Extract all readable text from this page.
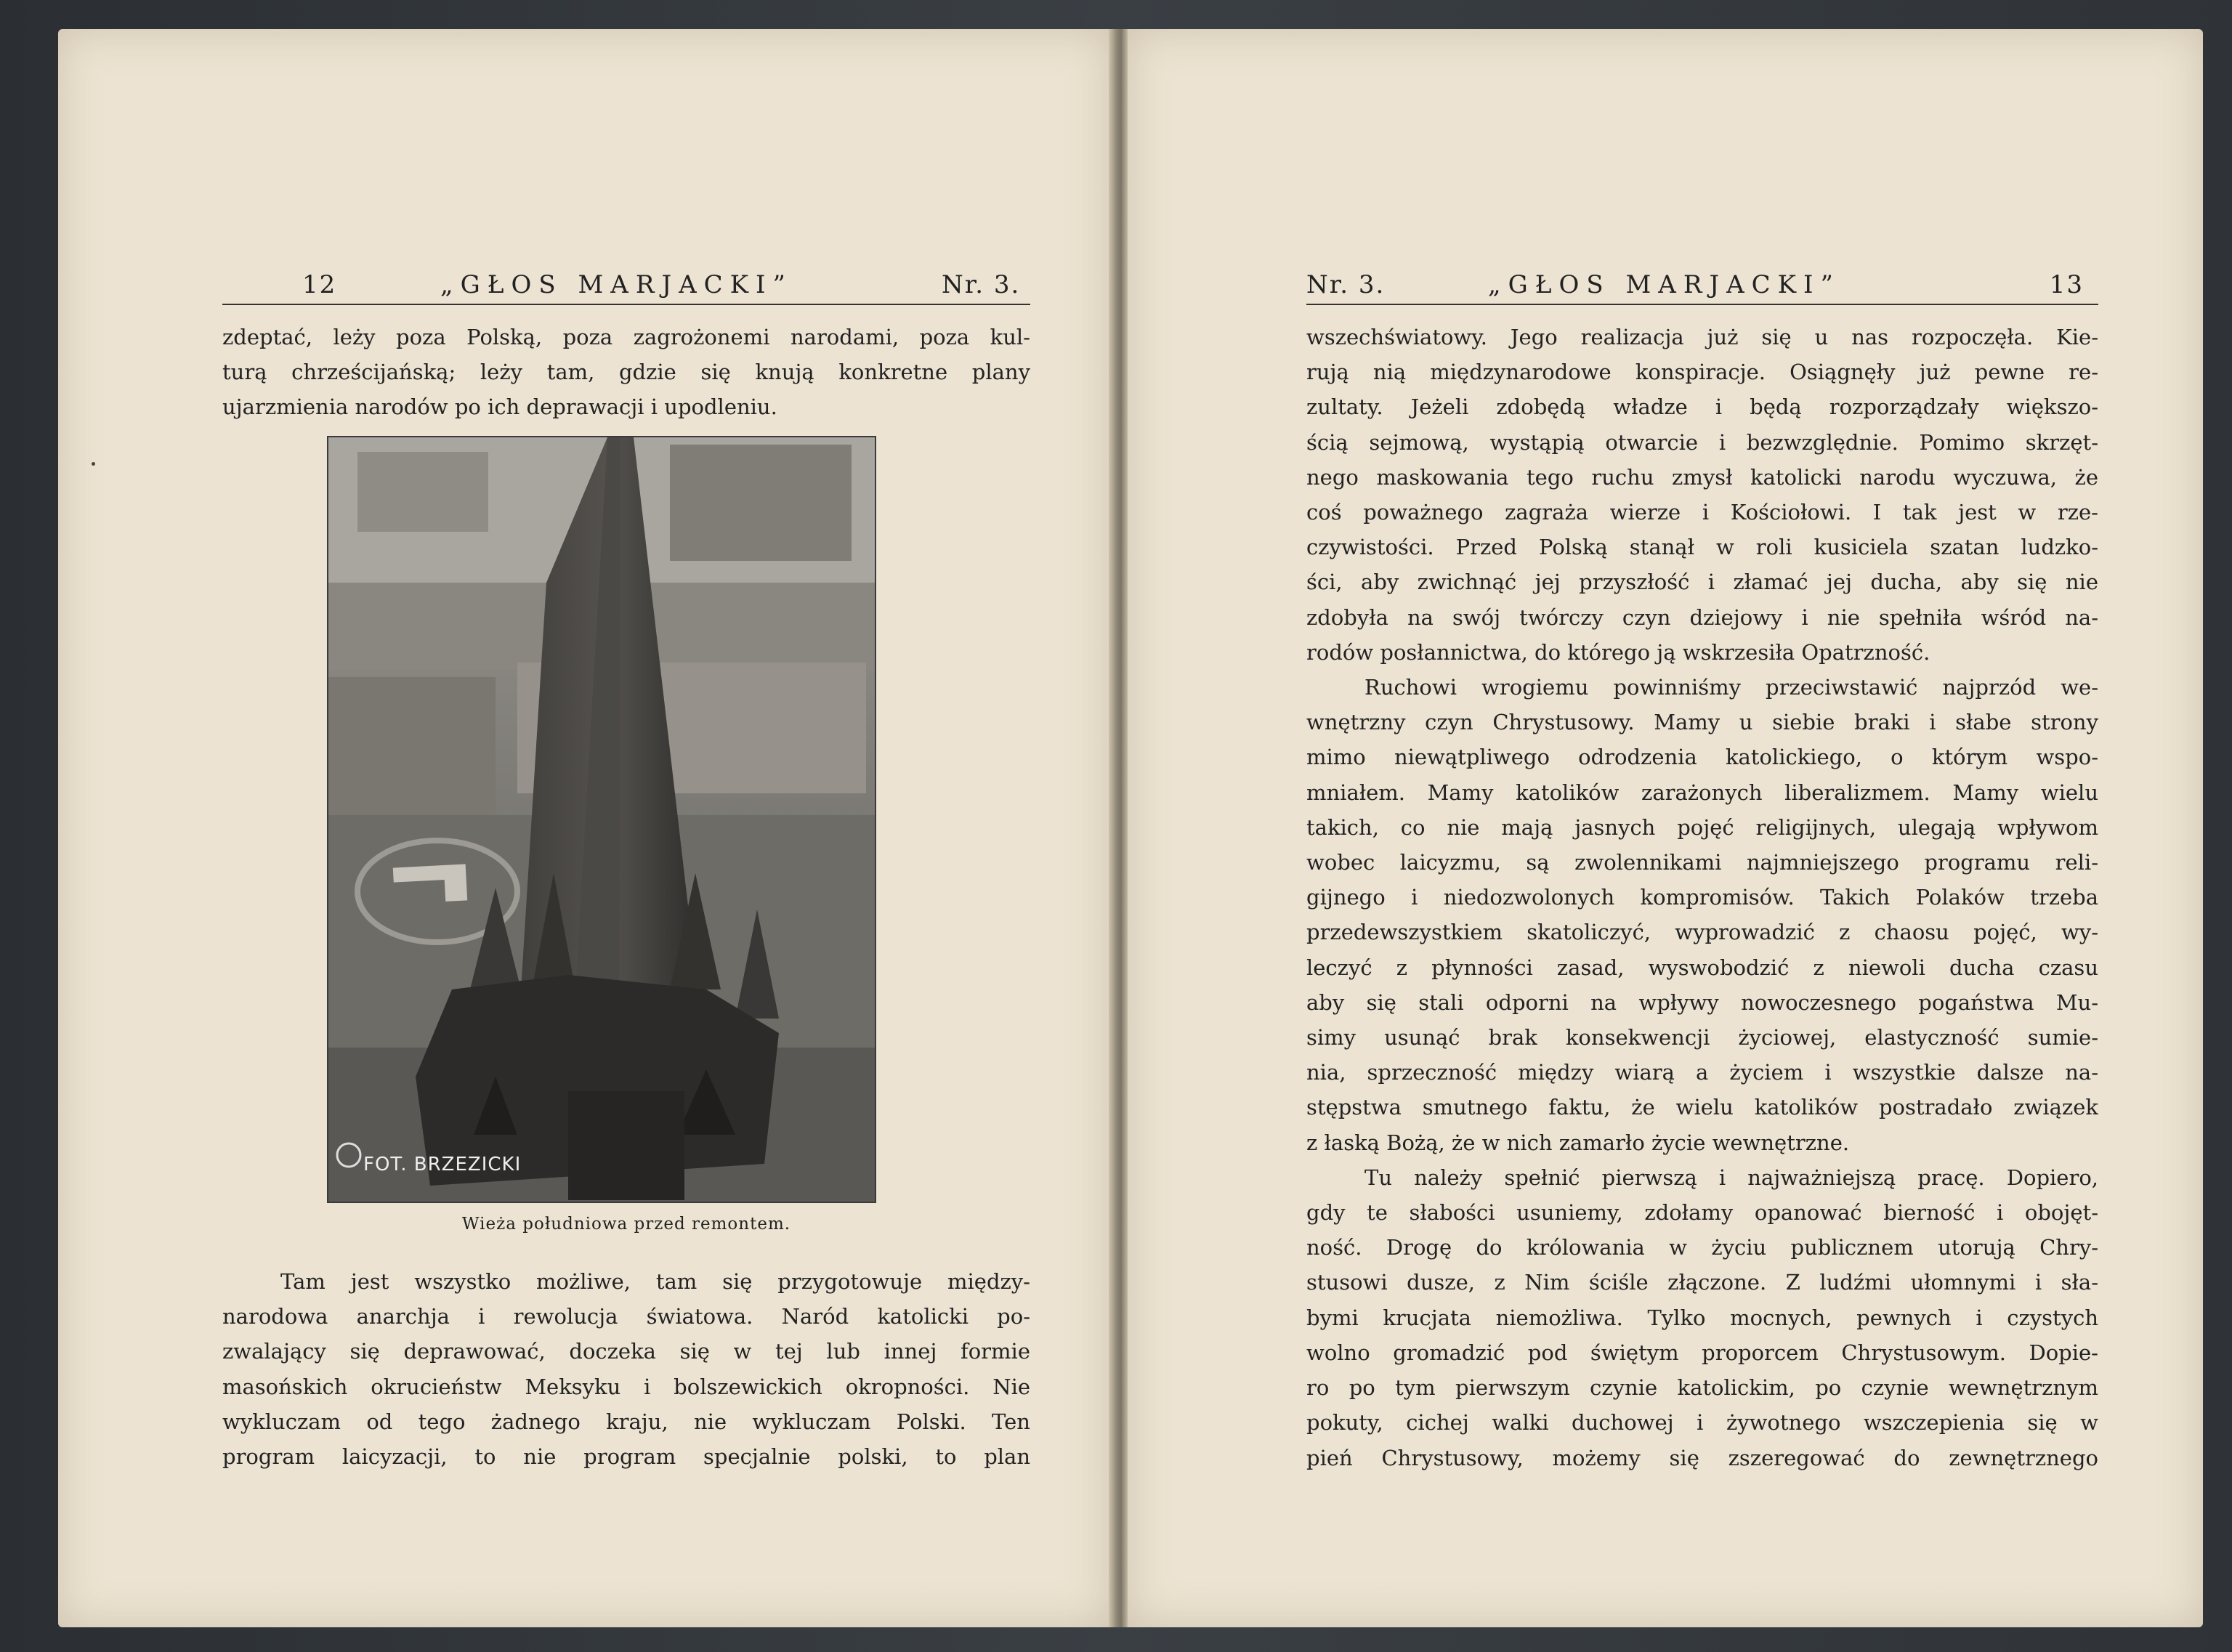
12	„GŁOS MARJACKI”	Nr. 3.
zdeptać, leży poza Polską, poza zagrożonemi narodami, poza kul-
turą chrześcijańską; leży tam, gdzie się knują konkretne plany
ujarzmienia narodów po ich deprawacji i upodleniu.
FOT. BRZEZICKI
Wieża południowa przed remontem.
Tam jest wszystko możliwe, tam się przygotowuje między-
narodowa anarchja i rewolucja światowa. Naród katolicki po-
zwalający się deprawować, doczeka się w tej lub innej formie
masońskich okrucieństw Meksyku i bolszewickich okropności. Nie
wykluczam od tego żadnego kraju, nie wykluczam Polski. Ten
program laicyzacji, to nie program specjalnie polski, to plan
Nr. 3.	„GŁOS MARJACKI”	13
wszechświatowy. Jego realizacja już się u nas rozpoczęła. Kie-
rują nią międzynarodowe konspiracje. Osiągnęły już pewne re-
zultaty. Jeżeli zdobędą władze i będą rozporządzały większo-
ścią sejmową, wystąpią otwarcie i bezwzględnie. Pomimo skrzęt-
nego maskowania tego ruchu zmysł katolicki narodu wyczuwa, że
coś poważnego zagraża wierze i Kościołowi. I tak jest w rze-
czywistości. Przed Polską stanął w roli kusiciela szatan ludzko-
ści, aby zwichnąć jej przyszłość i złamać jej ducha, aby się nie
zdobyła na swój twórczy czyn dziejowy i nie spełniła wśród na-
rodów posłannictwa, do którego ją wskrzesiła Opatrzność.
Ruchowi wrogiemu powinniśmy przeciwstawić najprzód we-
wnętrzny czyn Chrystusowy. Mamy u siebie braki i słabe strony
mimo niewątpliwego odrodzenia katolickiego, o którym wspo-
mniałem. Mamy katolików zarażonych liberalizmem. Mamy wielu
takich, co nie mają jasnych pojęć religijnych, ulegają wpływom
wobec laicyzmu, są zwolennikami najmniejszego programu reli-
gijnego i niedozwolonych kompromisów. Takich Polaków trzeba
przedewszystkiem skatoliczyć, wyprowadzić z chaosu pojęć, wy-
leczyć z płynności zasad, wyswobodzić z niewoli ducha czasu
aby się stali odporni na wpływy nowoczesnego pogaństwa Mu-
simy usunąć brak konsekwencji życiowej, elastyczność sumie-
nia, sprzeczność między wiarą a życiem i wszystkie dalsze na-
stępstwa smutnego faktu, że wielu katolików postradało związek
z łaską Bożą, że w nich zamarło życie wewnętrzne.
Tu należy spełnić pierwszą i najważniejszą pracę. Dopiero,
gdy te słabości usuniemy, zdołamy opanować bierność i obojęt-
ność. Drogę do królowania w życiu publicznem utorują Chry-
stusowi dusze, z Nim ściśle złączone. Z ludźmi ułomnymi i sła-
bymi krucjata niemożliwa. Tylko mocnych, pewnych i czystych
wolno gromadzić pod świętym proporcem Chrystusowym. Dopie-
ro po tym pierwszym czynie katolickim, po czynie wewnętrznym
pokuty, cichej walki duchowej i żywotnego wszczepienia się w
pień Chrystusowy, możemy się zszeregować do zewnętrznego
